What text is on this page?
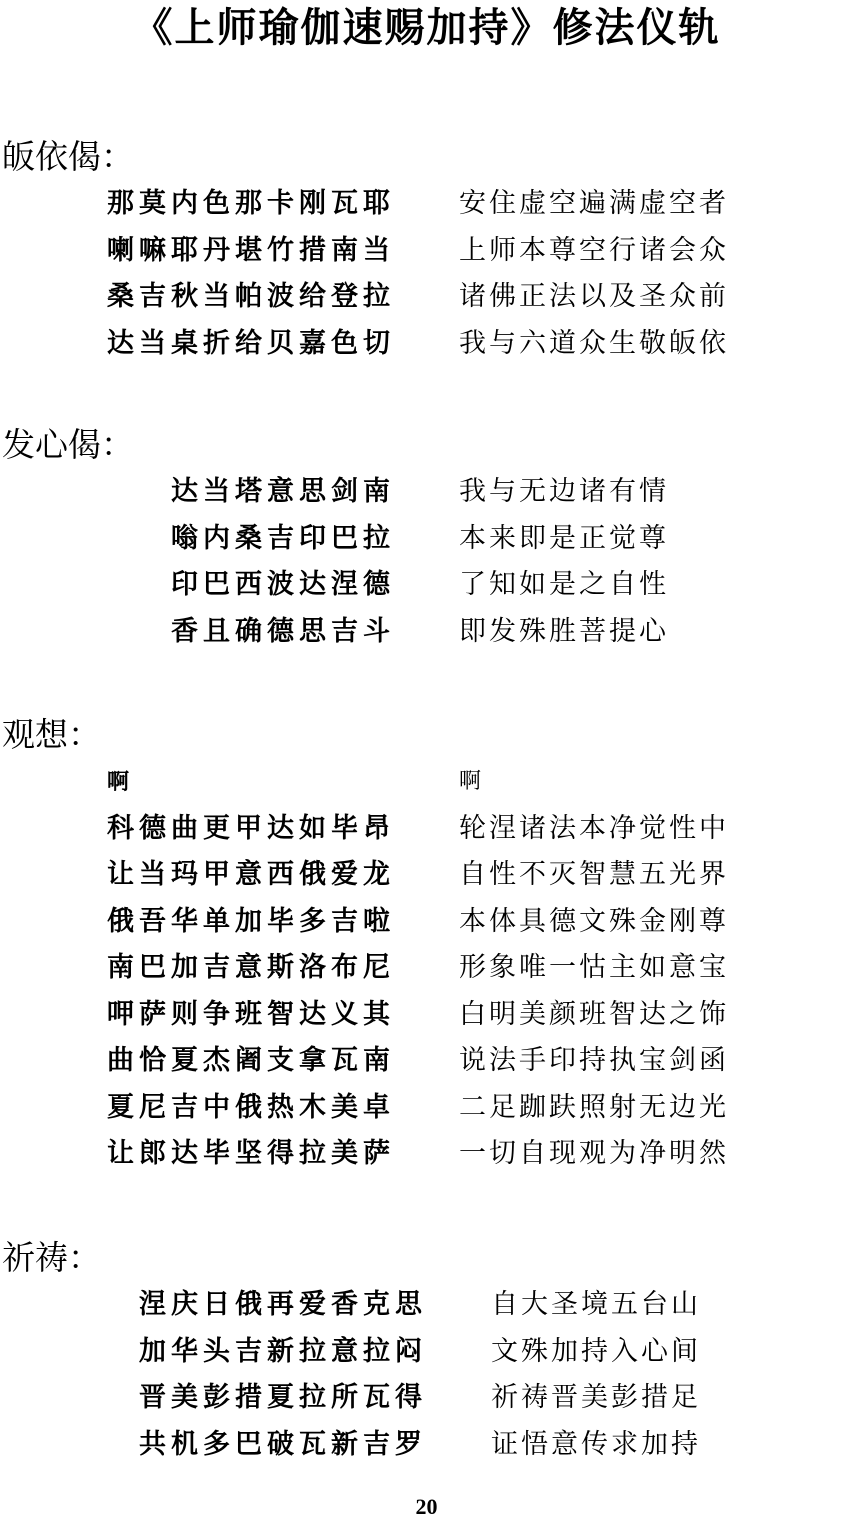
《上师瑜伽速赐加持》修法仪轨
皈依偈：
那莫内色那卡刚瓦耶
喇嘛耶丹堪竹措南当
桑吉秋当帕波给登拉
达当桌折给贝嘉色切
安住虚空遍满虚空者
上师本尊空行诸会众
诸佛正法以及圣众前
我与六道众生敬皈依
发心偈：
达当塔意思剑南
嗡内桑吉印巴拉
印巴西波达涅德
香且确德思吉斗
我与无边诸有情
本来即是正觉尊
了知如是之自性
即发殊胜菩提心
观想：
啊
科德曲更甲达如毕昂
让当玛甲意西俄爱龙
俄吾华单加毕多吉啦
南巴加吉意斯洛布尼
呷萨则争班智达义其
曲恰夏杰阇支拿瓦南
夏尼吉中俄热木美卓
让郎达毕坚得拉美萨
啊
轮涅诸法本净觉性中
自性不灭智慧五光界
本体具德文殊金刚尊
形象唯一怙主如意宝
白明美颜班智达之饰
说法手印持执宝剑函
二足跏趺照射无边光
一切自现观为净明然
祈祷：
涅庆日俄再爱香克思
加华头吉新拉意拉闷
晋美彭措夏拉所瓦得
共机多巴破瓦新吉罗
自大圣境五台山
文殊加持入心间
祈祷晋美彭措足
证悟意传求加持
20
